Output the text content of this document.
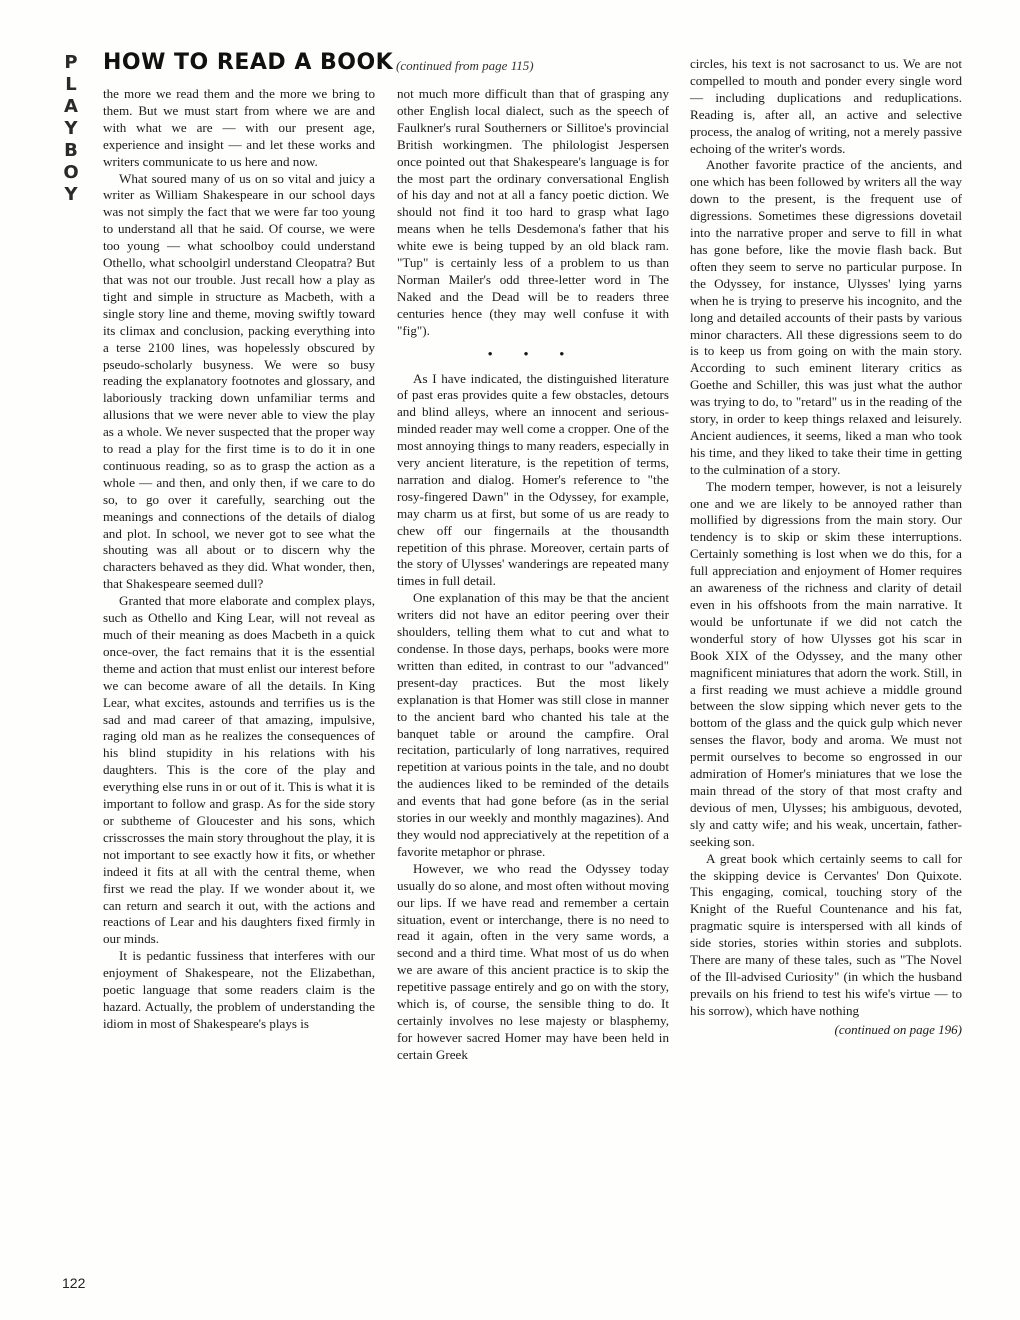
P
L
A
Y
B
O
Y
HOW TO READ A BOOK (continued from page 115)

the more we read them and the more we bring to them. But we must start from where we are and with what we are — with our present age, experience and insight — and let these works and writers communicate to us here and now.

What soured many of us on so vital and juicy a writer as William Shakespeare in our school days was not simply the fact that we were far too young to understand all that he said. Of course, we were too young — what schoolboy could understand Othello, what schoolgirl understand Cleopatra? But that was not our trouble. Just recall how a play as tight and simple in structure as Macbeth, with a single story line and theme, moving swiftly toward its climax and conclusion, packing everything into a terse 2100 lines, was hopelessly obscured by pseudo-scholarly busyness. We were so busy reading the explanatory footnotes and glossary, and laboriously tracking down unfamiliar terms and allusions that we were never able to view the play as a whole. We never suspected that the proper way to read a play for the first time is to do it in one continuous reading, so as to grasp the action as a whole — and then, and only then, if we care to do so, to go over it carefully, searching out the meanings and connections of the details of dialog and plot. In school, we never got to see what the shouting was all about or to discern why the characters behaved as they did. What wonder, then, that Shakespeare seemed dull?

Granted that more elaborate and complex plays, such as Othello and King Lear, will not reveal as much of their meaning as does Macbeth in a quick once-over, the fact remains that it is the essential theme and action that must enlist our interest before we can become aware of all the details. In King Lear, what excites, astounds and terrifies us is the sad and mad career of that amazing, impulsive, raging old man as he realizes the consequences of his blind stupidity in his relations with his daughters. This is the core of the play and everything else runs in or out of it. This is what it is important to follow and grasp. As for the side story or subtheme of Gloucester and his sons, which crisscrosses the main story throughout the play, it is not important to see exactly how it fits, or whether indeed it fits at all with the central theme, when first we read the play. If we wonder about it, we can return and search it out, with the actions and reactions of Lear and his daughters fixed firmly in our minds.

It is pedantic fussiness that interferes with our enjoyment of Shakespeare, not the Elizabethan, poetic language that some readers claim is the hazard. Actually, the problem of understanding the idiom in most of Shakespeare's plays is

not much more difficult than that of grasping any other English local dialect, such as the speech of Faulkner's rural Southerners or Sillitoe's provincial British workingmen. The philologist Jespersen once pointed out that Shakespeare's language is for the most part the ordinary conversational English of his day and not at all a fancy poetic diction. We should not find it too hard to grasp what Iago means when he tells Desdemona's father that his white ewe is being tupped by an old black ram. "Tup" is certainly less of a problem to us than Norman Mailer's odd three-letter word in The Naked and the Dead will be to readers three centuries hence (they may well confuse it with "fig").

• • •

As I have indicated, the distinguished literature of past eras provides quite a few obstacles, detours and blind alleys, where an innocent and serious-minded reader may well come a cropper. One of the most annoying things to many readers, especially in very ancient literature, is the repetition of terms, narration and dialog. Homer's reference to "the rosy-fingered Dawn" in the Odyssey, for example, may charm us at first, but some of us are ready to chew off our fingernails at the thousandth repetition of this phrase. Moreover, certain parts of the story of Ulysses' wanderings are repeated many times in full detail.

One explanation of this may be that the ancient writers did not have an editor peering over their shoulders, telling them what to cut and what to condense. In those days, perhaps, books were more written than edited, in contrast to our "advanced" present-day practices. But the most likely explanation is that Homer was still close in manner to the ancient bard who chanted his tale at the banquet table or around the campfire. Oral recitation, particularly of long narratives, required repetition at various points in the tale, and no doubt the audiences liked to be reminded of the details and events that had gone before (as in the serial stories in our weekly and monthly magazines). And they would nod appreciatively at the repetition of a favorite metaphor or phrase.

However, we who read the Odyssey today usually do so alone, and most often without moving our lips. If we have read and remember a certain situation, event or interchange, there is no need to read it again, often in the very same words, a second and a third time. What most of us do when we are aware of this ancient practice is to skip the repetitive passage entirely and go on with the story, which is, of course, the sensible thing to do. It certainly involves no lese majesty or blasphemy, for however sacred Homer may have been held in certain Greek

circles, his text is not sacrosanct to us. We are not compelled to mouth and ponder every single word — including duplications and reduplications. Reading is, after all, an active and selective process, the analog of writing, not a merely passive echoing of the writer's words.

Another favorite practice of the ancients, and one which has been followed by writers all the way down to the present, is the frequent use of digressions. Sometimes these digressions dovetail into the narrative proper and serve to fill in what has gone before, like the movie flash back. But often they seem to serve no particular purpose. In the Odyssey, for instance, Ulysses' lying yarns when he is trying to preserve his incognito, and the long and detailed accounts of their pasts by various minor characters. All these digressions seem to do is to keep us from going on with the main story. According to such eminent literary critics as Goethe and Schiller, this was just what the author was trying to do, to "retard" us in the reading of the story, in order to keep things relaxed and leisurely. Ancient audiences, it seems, liked a man who took his time, and they liked to take their time in getting to the culmination of a story.

The modern temper, however, is not a leisurely one and we are likely to be annoyed rather than mollified by digressions from the main story. Our tendency is to skip or skim these interruptions. Certainly something is lost when we do this, for a full appreciation and enjoyment of Homer requires an awareness of the richness and clarity of detail even in his offshoots from the main narrative. It would be unfortunate if we did not catch the wonderful story of how Ulysses got his scar in Book XIX of the Odyssey, and the many other magnificent miniatures that adorn the work. Still, in a first reading we must achieve a middle ground between the slow sipping which never gets to the bottom of the glass and the quick gulp which never senses the flavor, body and aroma. We must not permit ourselves to become so engrossed in our admiration of Homer's miniatures that we lose the main thread of the story of that most crafty and devious of men, Ulysses; his ambiguous, devoted, sly and catty wife; and his weak, uncertain, father-seeking son.

A great book which certainly seems to call for the skipping device is Cervantes' Don Quixote. This engaging, comical, touching story of the Knight of the Rueful Countenance and his fat, pragmatic squire is interspersed with all kinds of side stories, stories within stories and subplots. There are many of these tales, such as "The Novel of the Ill-advised Curiosity" (in which the husband prevails on his friend to test his wife's virtue — to his sorrow), which have nothing

(continued on page 196)
122
